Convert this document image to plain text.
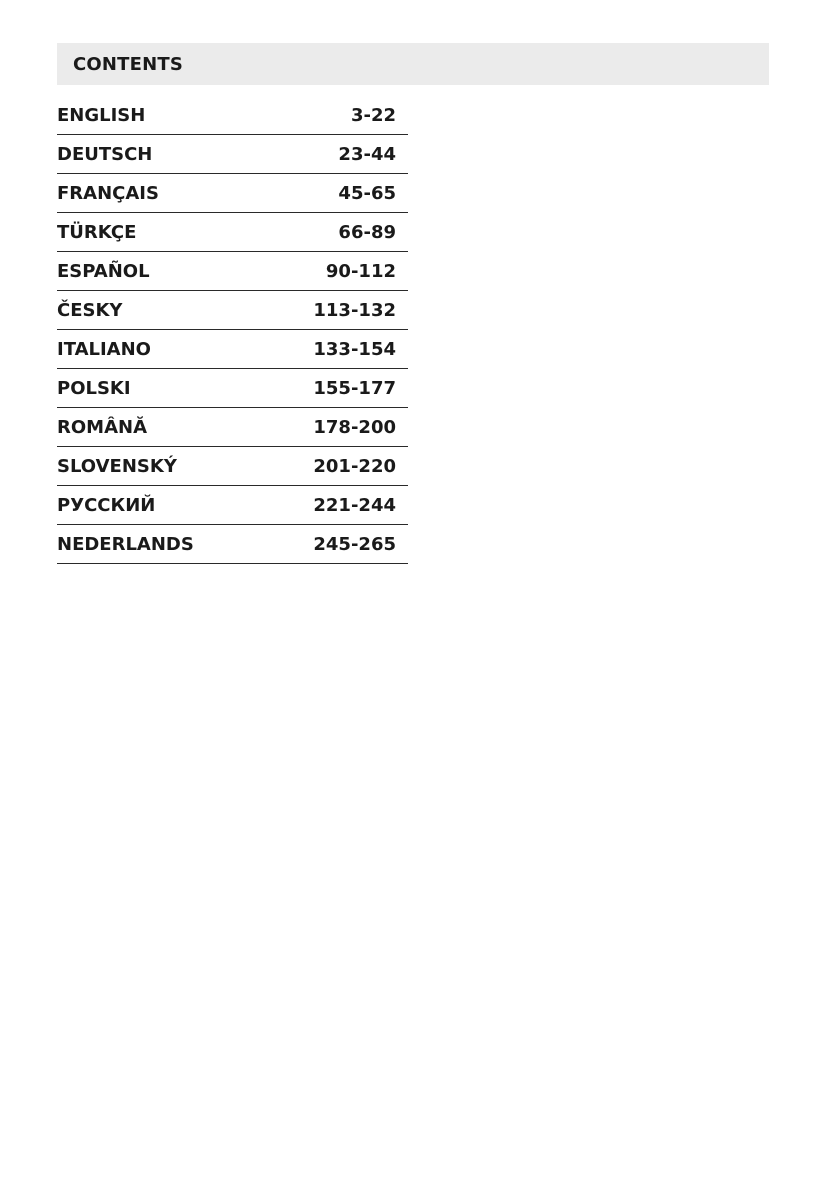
CONTENTS
ENGLISH	3-22
DEUTSCH	23-44
FRANÇAIS	45-65
TÜRKÇE	66-89
ESPAÑOL	90-112
ČESKY	113-132
ITALIANO	133-154
POLSKI	155-177
ROMÂNĂ	178-200
SLOVENSKÝ	201-220
РУССКИЙ	221-244
NEDERLANDS	245-265
